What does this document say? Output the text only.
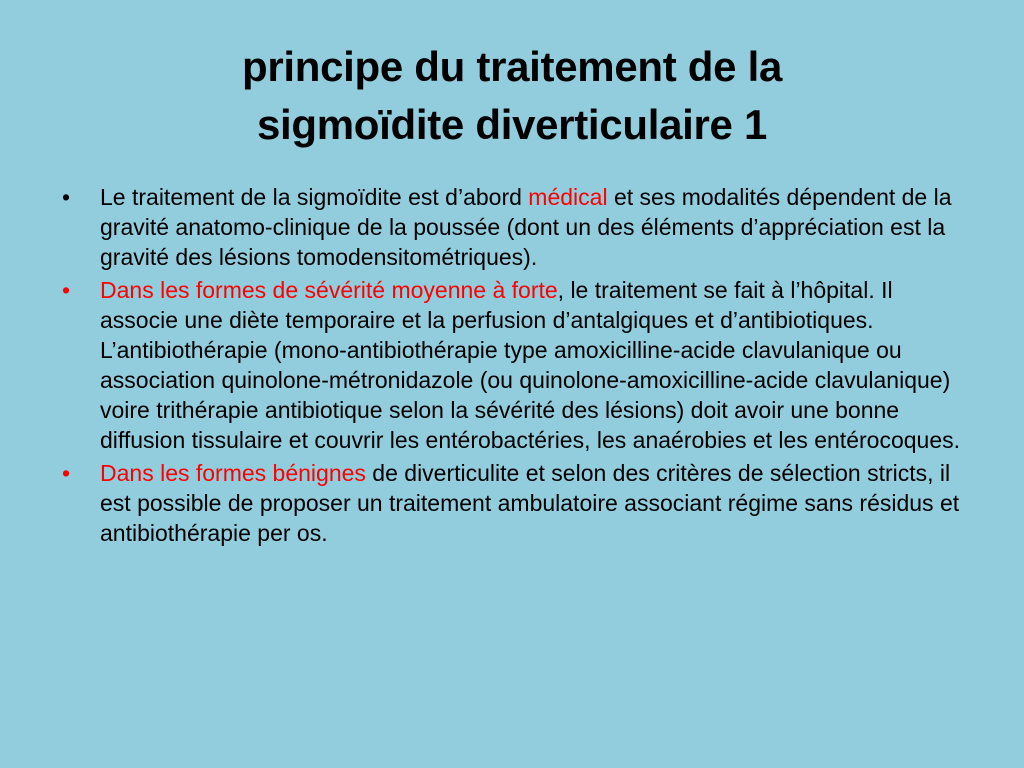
principe du traitement de la
sigmoïdite diverticulaire 1
•	Le traitement de la sigmoïdite est d’abord médical et ses modalités dépendent de la gravité anatomo-clinique de la poussée (dont un des éléments d’appréciation est la gravité des lésions tomodensitométriques).
•	Dans les formes de sévérité moyenne à forte, le traitement se fait à l’hôpital. Il associe une diète temporaire et la perfusion d’antalgiques et d’antibiotiques. L’antibiothérapie (mono-antibiothérapie type amoxicilline-acide clavulanique ou association quinolone-métronidazole (ou quinolone-amoxicilline-acide clavulanique) voire trithérapie antibiotique selon la sévérité des lésions) doit avoir une bonne diffusion tissulaire et couvrir les entérobactéries, les anaérobies et les entérocoques.
•	Dans les formes bénignes de diverticulite et selon des critères de sélection stricts, il est possible de proposer un traitement ambulatoire associant régime sans résidus et antibiothérapie per os.
